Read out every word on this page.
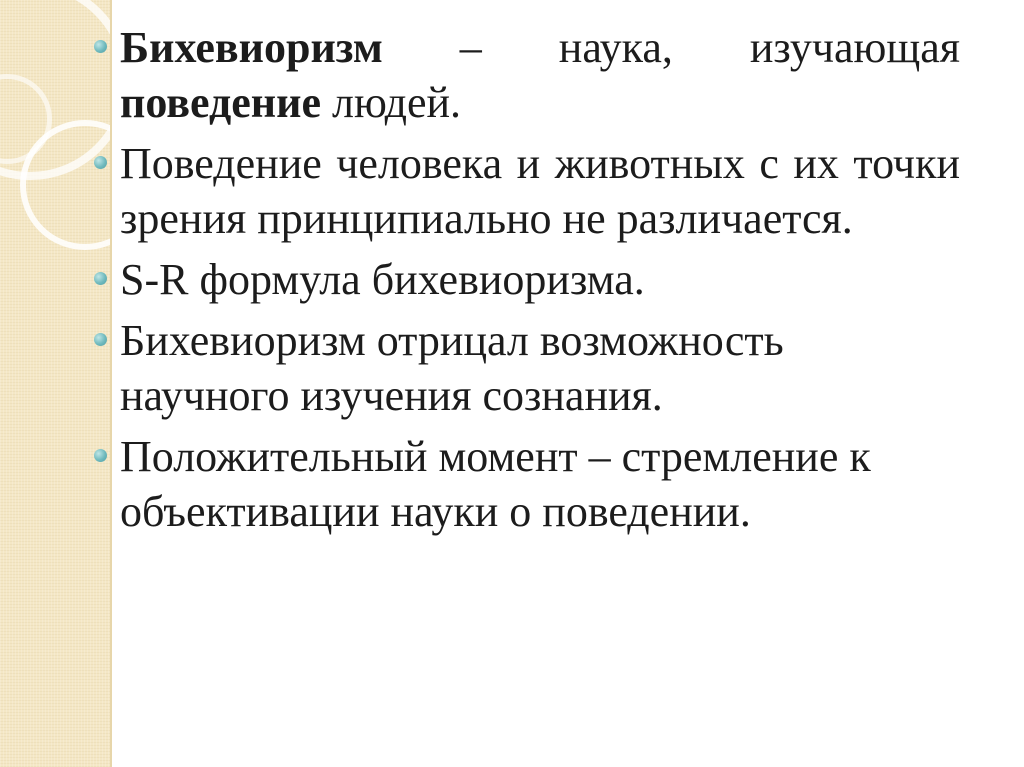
Бихевиоризм – наука, изучающая поведение людей.
Поведение человека и животных с их точки зрения принципиально не различается.
S-R формула бихевиоризма.
Бихевиоризм отрицал возможность научного изучения сознания.
Положительный момент – стремление к объективации науки о поведении.
